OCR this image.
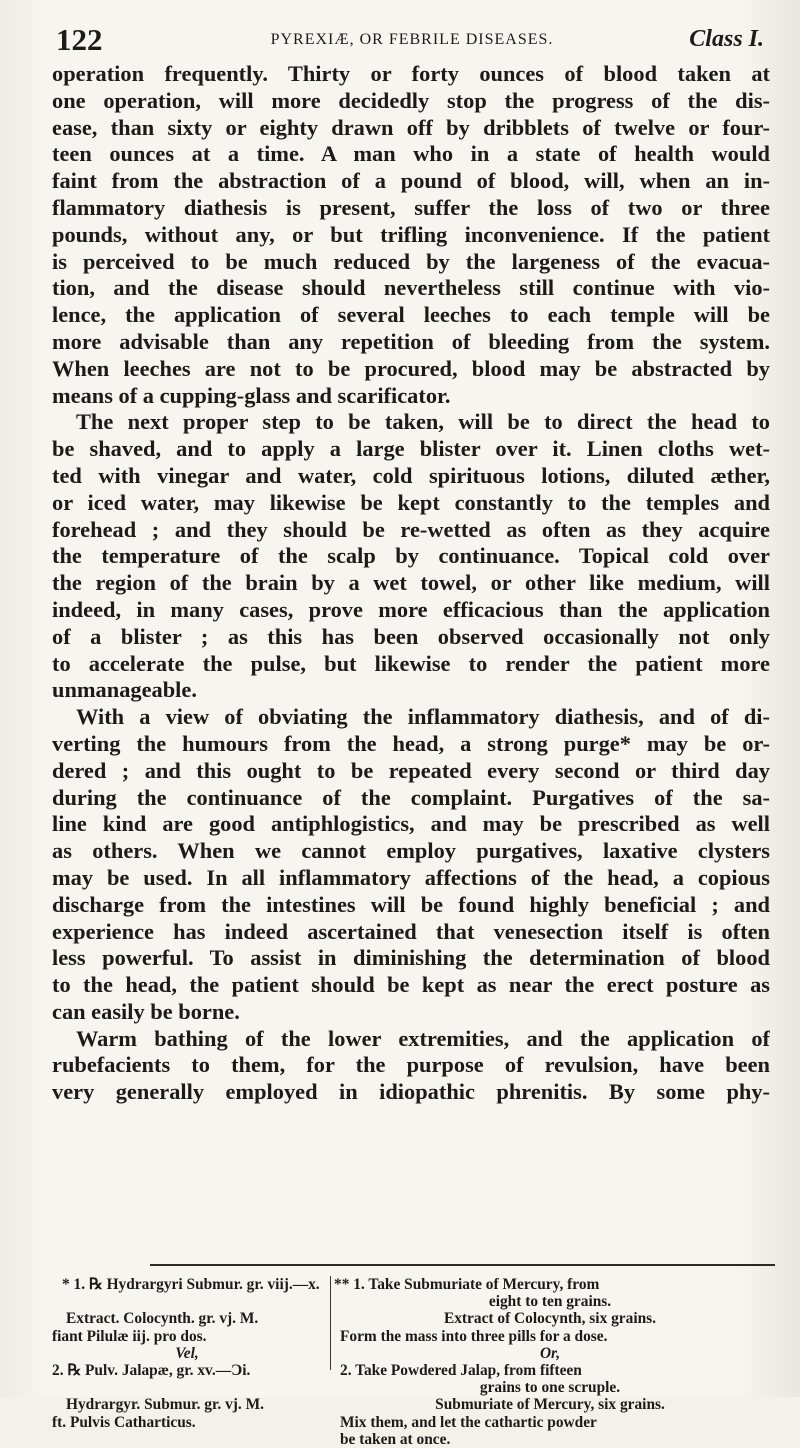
122	PYREXIÆ, OR FEBRILE DISEASES.	Class I.
operation frequently. Thirty or forty ounces of blood taken at
one operation, will more decidedly stop the progress of the dis-
ease, than sixty or eighty drawn off by dribblets of twelve or four-
teen ounces at a time. A man who in a state of health would
faint from the abstraction of a pound of blood, will, when an in-
flammatory diathesis is present, suffer the loss of two or three
pounds, without any, or but trifling inconvenience. If the patient
is perceived to be much reduced by the largeness of the evacua-
tion, and the disease should nevertheless still continue with vio-
lence, the application of several leeches to each temple will be
more advisable than any repetition of bleeding from the system.
When leeches are not to be procured, blood may be abstracted by
means of a cupping-glass and scarificator.
The next proper step to be taken, will be to direct the head to
be shaved, and to apply a large blister over it. Linen cloths wet-
ted with vinegar and water, cold spirituous lotions, diluted æther,
or iced water, may likewise be kept constantly to the temples and
forehead ; and they should be re-wetted as often as they acquire
the temperature of the scalp by continuance. Topical cold over
the region of the brain by a wet towel, or other like medium, will
indeed, in many cases, prove more efficacious than the application
of a blister ; as this has been observed occasionally not only
to accelerate the pulse, but likewise to render the patient more
unmanageable.
With a view of obviating the inflammatory diathesis, and of di-
verting the humours from the head, a strong purge* may be or-
dered ; and this ought to be repeated every second or third day
during the continuance of the complaint. Purgatives of the sa-
line kind are good antiphlogistics, and may be prescribed as well
as others. When we cannot employ purgatives, laxative clysters
may be used. In all inflammatory affections of the head, a copious
discharge from the intestines will be found highly beneficial ; and
experience has indeed ascertained that venesection itself is often
less powerful. To assist in diminishing the determination of blood
to the head, the patient should be kept as near the erect posture as
can easily be borne.
Warm bathing of the lower extremities, and the application of
rubefacients to them, for the purpose of revulsion, have been
very generally employed in idiopathic phrenitis. By some phy-
* 1. ℞ Hydrargyri Submur. gr. viij.—x.
Extract. Colocynth. gr. vj. M.
fiant Pilulæ iij. pro dos.
Vel,
2. ℞ Pulv. Jalapæ, gr. xv.—Ɔi.
Hydrargyr. Submur. gr. vj. M.
ft. Pulvis Catharticus.
** 1. Take Submuriate of Mercury, from
eight to ten grains.
Extract of Colocynth, six grains.
Form the mass into three pills for a dose.
Or,
2. Take Powdered Jalap, from fifteen
grains to one scruple.
Submuriate of Mercury, six grains.
Mix them, and let the cathartic powder
be taken at once.
